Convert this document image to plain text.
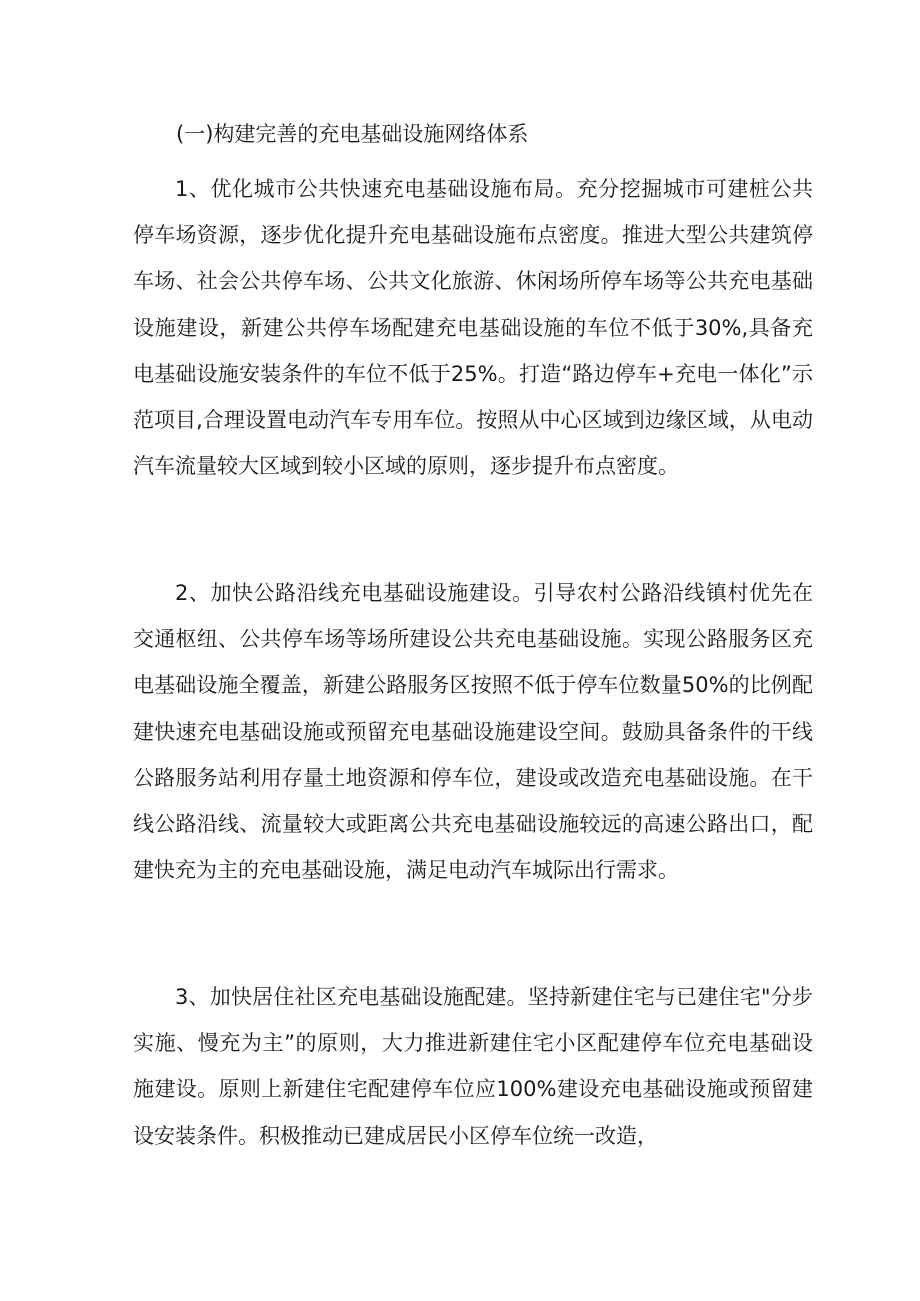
(一)构建完善的充电基础设施网络体系

1、优化城市公共快速充电基础设施布局。充分挖掘城市可建桩公共停车场资源，逐步优化提升充电基础设施布点密度。推进大型公共建筑停车场、社会公共停车场、公共文化旅游、休闲场所停车场等公共充电基础设施建设，新建公共停车场配建充电基础设施的车位不低于30%,具备充电基础设施安装条件的车位不低于25%。打造“路边停车+充电一体化”示范项目,合理设置电动汽车专用车位。按照从中心区域到边缘区域，从电动汽车流量较大区域到较小区域的原则，逐步提升布点密度。

2、加快公路沿线充电基础设施建设。引导农村公路沿线镇村优先在交通枢纽、公共停车场等场所建设公共充电基础设施。实现公路服务区充电基础设施全覆盖，新建公路服务区按照不低于停车位数量50%的比例配建快速充电基础设施或预留充电基础设施建设空间。鼓励具备条件的干线公路服务站利用存量土地资源和停车位，建设或改造充电基础设施。在干线公路沿线、流量较大或距离公共充电基础设施较远的高速公路出口，配建快充为主的充电基础设施，满足电动汽车城际出行需求。

3、加快居住社区充电基础设施配建。坚持新建住宅与已建住宅"分步实施、慢充为主”的原则，大力推进新建住宅小区配建停车位充电基础设施建设。原则上新建住宅配建停车位应100%建设充电基础设施或预留建设安装条件。积极推动已建成居民小区停车位统一改造，
